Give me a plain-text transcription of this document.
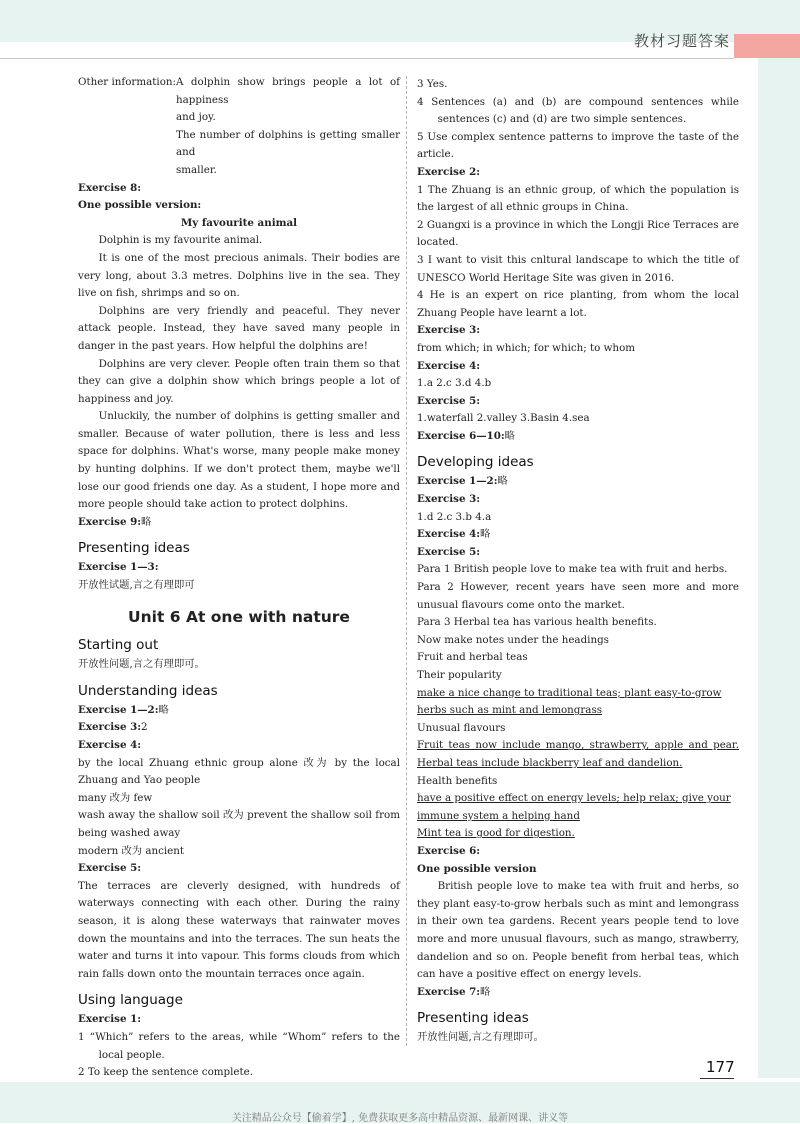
教材习题答案
Other information: A dolphin show brings people a lot of happiness

and joy.

The number of dolphins is getting smaller and

smaller.

Exercise 8:

One possible version:

My favourite animal

Dolphin is my favourite animal.

It is one of the most precious animals. Their bodies are very long, about 3.3 metres. Dolphins live in the sea. They live on fish, shrimps and so on.

Dolphins are very friendly and peaceful. They never attack people. Instead, they have saved many people in danger in the past years. How helpful the dolphins are!

Dolphins are very clever. People often train them so that they can give a dolphin show which brings people a lot of happiness and joy.

Unluckily, the number of dolphins is getting smaller and smaller. Because of water pollution, there is less and less space for dolphins. What's worse, many people make money by hunting dolphins. If we don't protect them, maybe we'll lose our good friends one day. As a student, I hope more and more people should take action to protect dolphins.

Exercise 9:略

Presenting ideas

Exercise 1—3:

开放性试题,言之有理即可

Unit 6 At one with nature
Starting out

开放性问题,言之有理即可。

Understanding ideas

Exercise 1—2:略

Exercise 3:2

Exercise 4:

by the local Zhuang ethnic group alone 改为 by the local Zhuang and Yao people

many 改为 few

wash away the shallow soil 改为 prevent the shallow soil from being washed away

modern 改为 ancient

Exercise 5:

The terraces are cleverly designed, with hundreds of waterways connecting with each other. During the rainy season, it is along these waterways that rainwater moves down the mountains and into the terraces. The sun heats the water and turns it into vapour. This forms clouds from which rain falls down onto the mountain terraces once again.

Using language

Exercise 1:

1 “Which” refers to the areas, while “Whom” refers to the local people.

2 To keep the sentence complete.

3 Yes.

4 Sentences (a) and (b) are compound sentences while sentences (c) and (d) are two simple sentences.

5 Use complex sentence patterns to improve the taste of the article.

Exercise 2:

1 The Zhuang is an ethnic group, of which the population is the largest of all ethnic groups in China.

2 Guangxi is a province in which the Longji Rice Terraces are located.

3 I want to visit this cnltural landscape to which the title of UNESCO World Heritage Site was given in 2016.

4 He is an expert on rice planting, from whom the local Zhuang People have learnt a lot.

Exercise 3:

from which; in which; for which; to whom

Exercise 4:

1.a 2.c 3.d 4.b

Exercise 5:

1.waterfall 2.valley 3.Basin 4.sea

Exercise 6—10:略

Developing ideas

Exercise 1—2:略

Exercise 3:

1.d 2.c 3.b 4.a

Exercise 4:略

Exercise 5:

Para 1 British people love to make tea with fruit and herbs.

Para 2 However, recent years have seen more and more unusual flavours come onto the market.

Para 3 Herbal tea has various health benefits.

Now make notes under the headings

Fruit and herbal teas

Their popularity

make a nice change to traditional teas; plant easy-to-grow herbs such as mint and lemongrass

Unusual flavours

Fruit teas now include mango, strawberry, apple and pear. Herbal teas include blackberry leaf and dandelion.

Health benefits

have a positive effect on energy levels; help relax; give your immune system a helping hand

Mint tea is good for digestion.

Exercise 6:

One possible version

British people love to make tea with fruit and herbs, so they plant easy-to-grow herbals such as mint and lemongrass in their own tea gardens. Recent years people tend to love more and more unusual flavours, such as mango, strawberry, dandelion and so on. People benefit from herbal teas, which can have a positive effect on energy levels.

Exercise 7:略

Presenting ideas

开放性问题,言之有理即可。

177
关注精品公众号【偷着学】, 免费获取更多高中精品资源、最新网课、讲义等
